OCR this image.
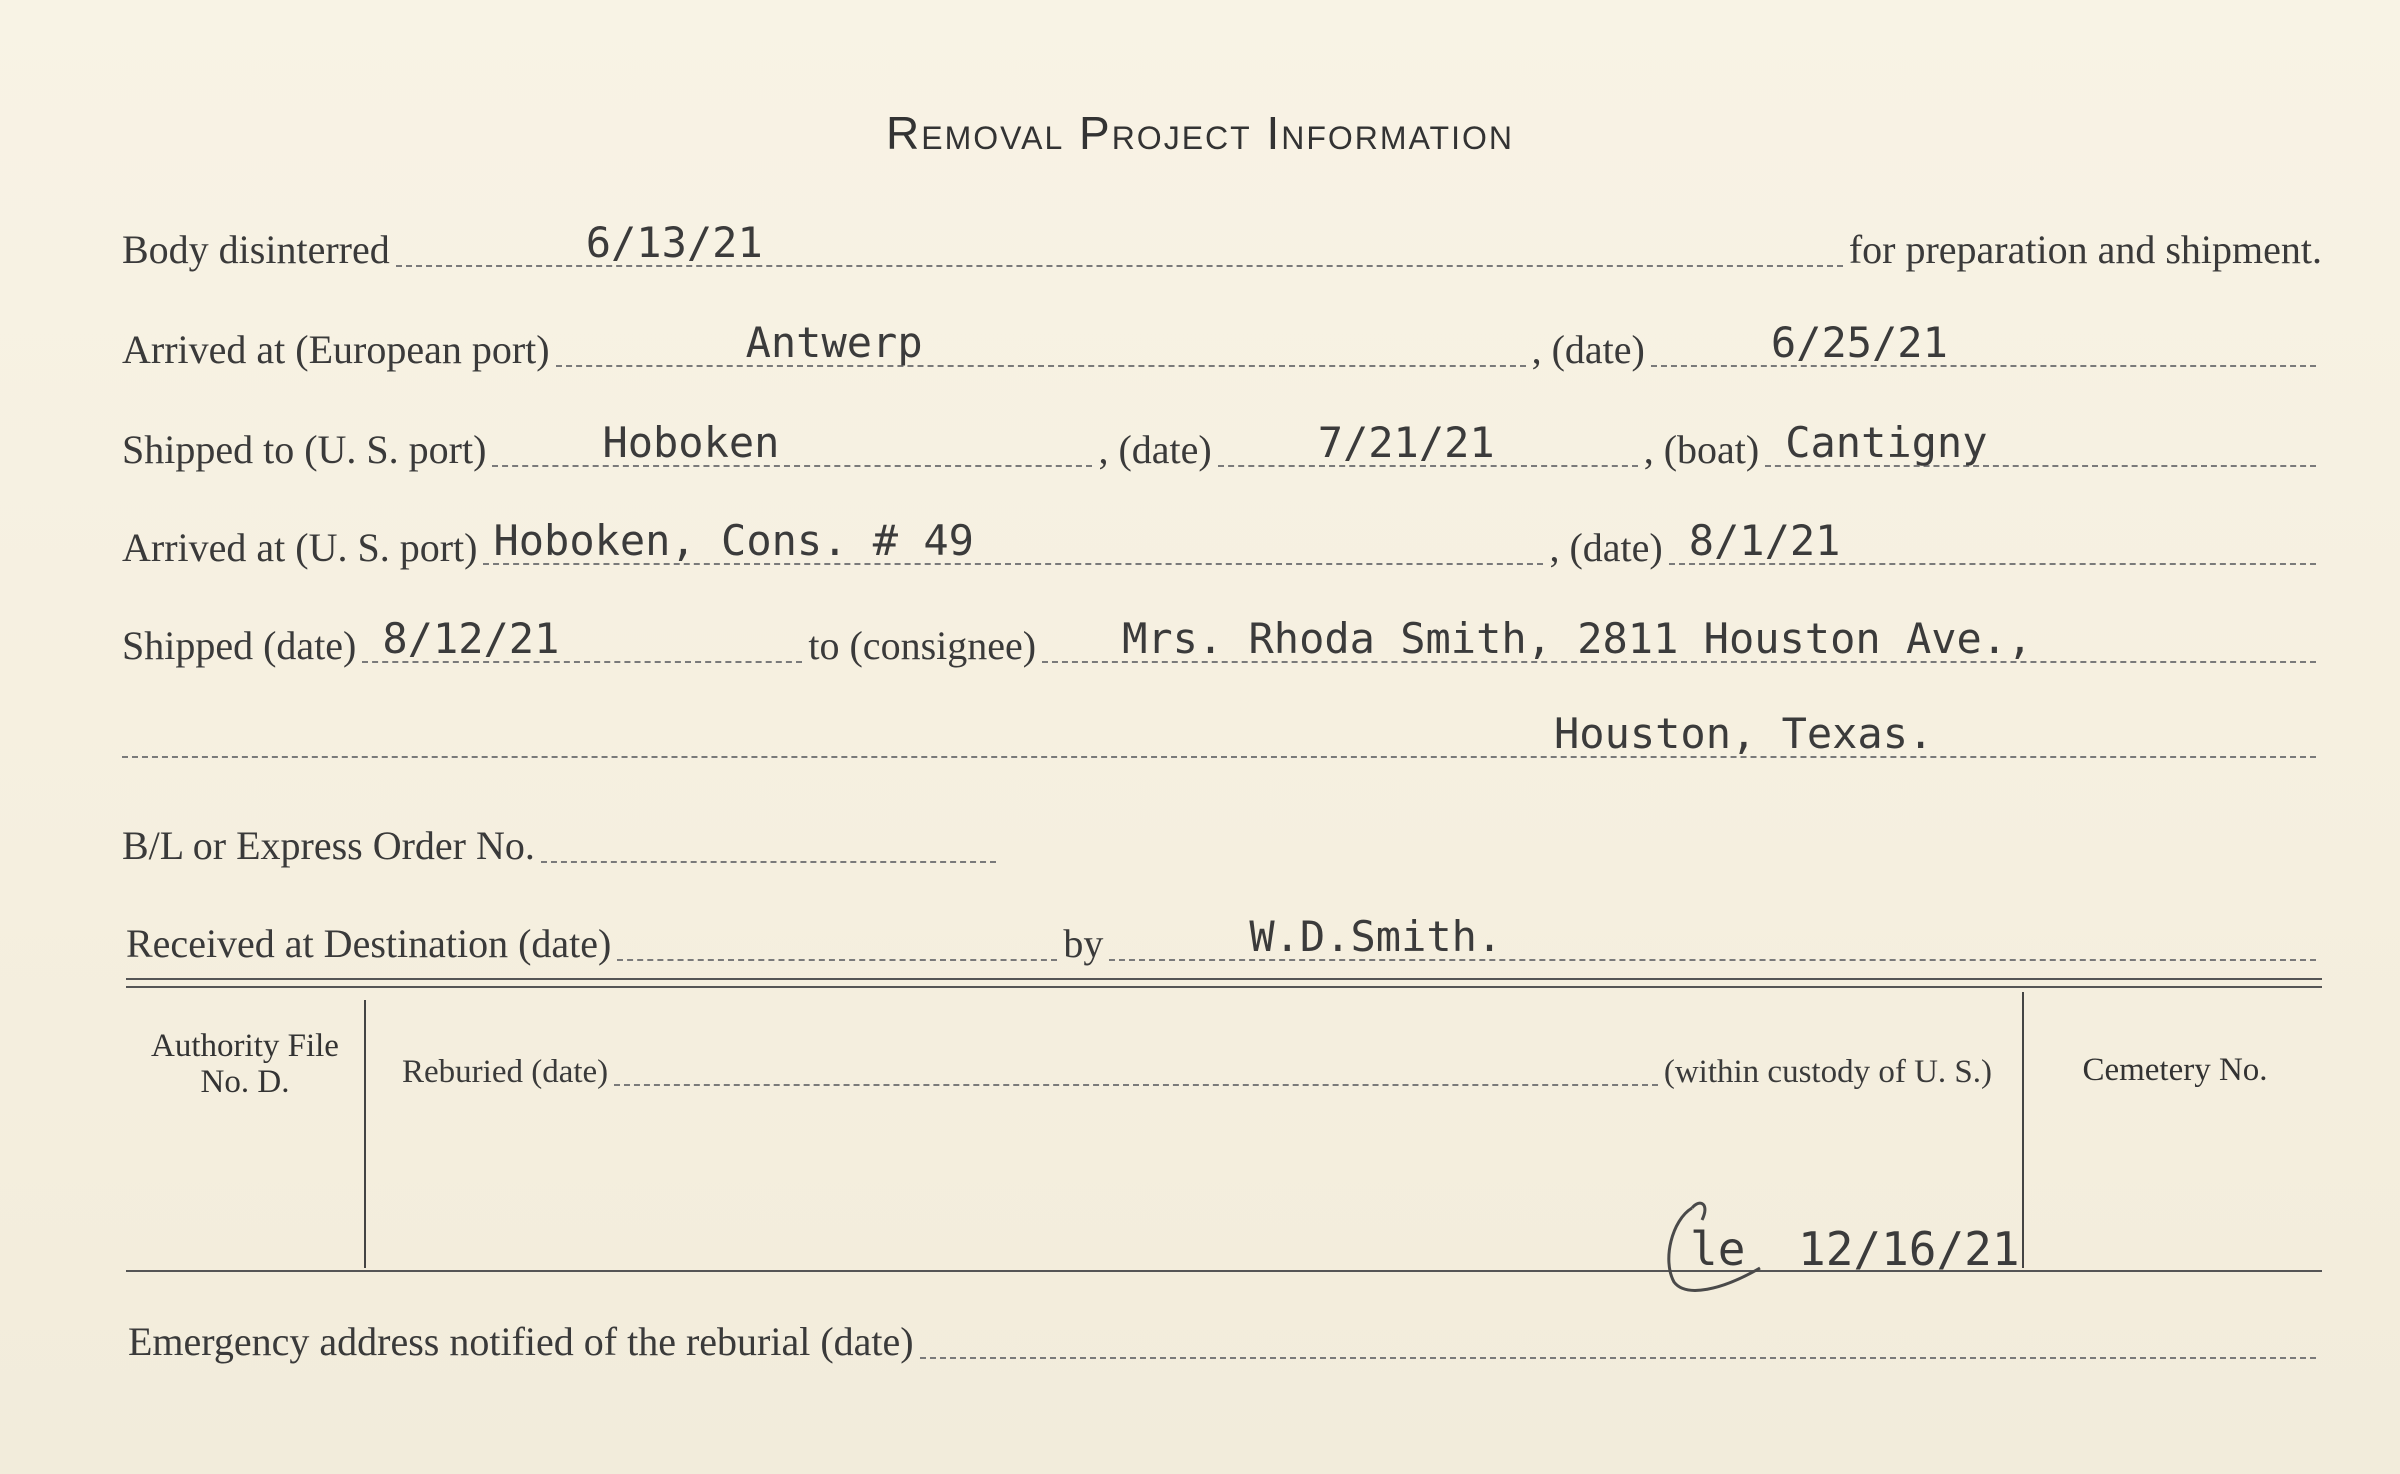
Removal Project Information
Body disinterred	6/13/21	for preparation and shipment.
Arrived at (European port)	Antwerp	, (date)	6/25/21
Shipped to (U. S. port)	Hoboken	, (date)	7/21/21	, (boat) Cantigny
Arrived at (U. S. port) Hoboken, Cons. # 49	, (date) 8/1/21
Shipped (date) 8/12/21	to (consignee) Mrs. Rhoda Smith, 2811 Houston Ave.,
Houston, Texas.
B/L or Express Order No.
Received at Destination (date)	by	W.D.Smith.
Authority File No. D.	Reburied (date)	(within custody of U. S.)	Cemetery No.
le 12/16/21
Emergency address notified of the reburial (date)
